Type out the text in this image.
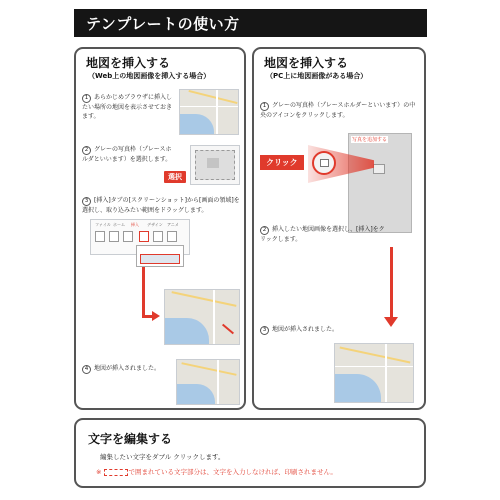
テンプレートの使い方
地図を挿入する
（Web上の地図画像を挿入する場合）
1 あらかじめブラウザに挿入したい場所の地図を表示させておきます。
2 グレーの写真枠（プレースホルダといいます）を選択します。
選択
3 [挿入]タブの[スクリーンショット]から[画面の領域]を選択し、取り込みたい範囲をドラッグします。
ファイル ホーム 挿入 デザイン アニメ
4 地図が挿入されました。
地図を挿入する
（PC上に地図画像がある場合）
1 グレーの写真枠（プレースホルダーといいます）の中央のアイコンをクリックします。
写真を追加する
クリック
2 挿入したい地図画像を選択し、[挿入]をクリックします。
3 地図が挿入されました。
文字を編集する
編集したい文字をダブル クリックします。
※	で囲まれている文字部分は、文字を入力しなければ、印刷されません。
